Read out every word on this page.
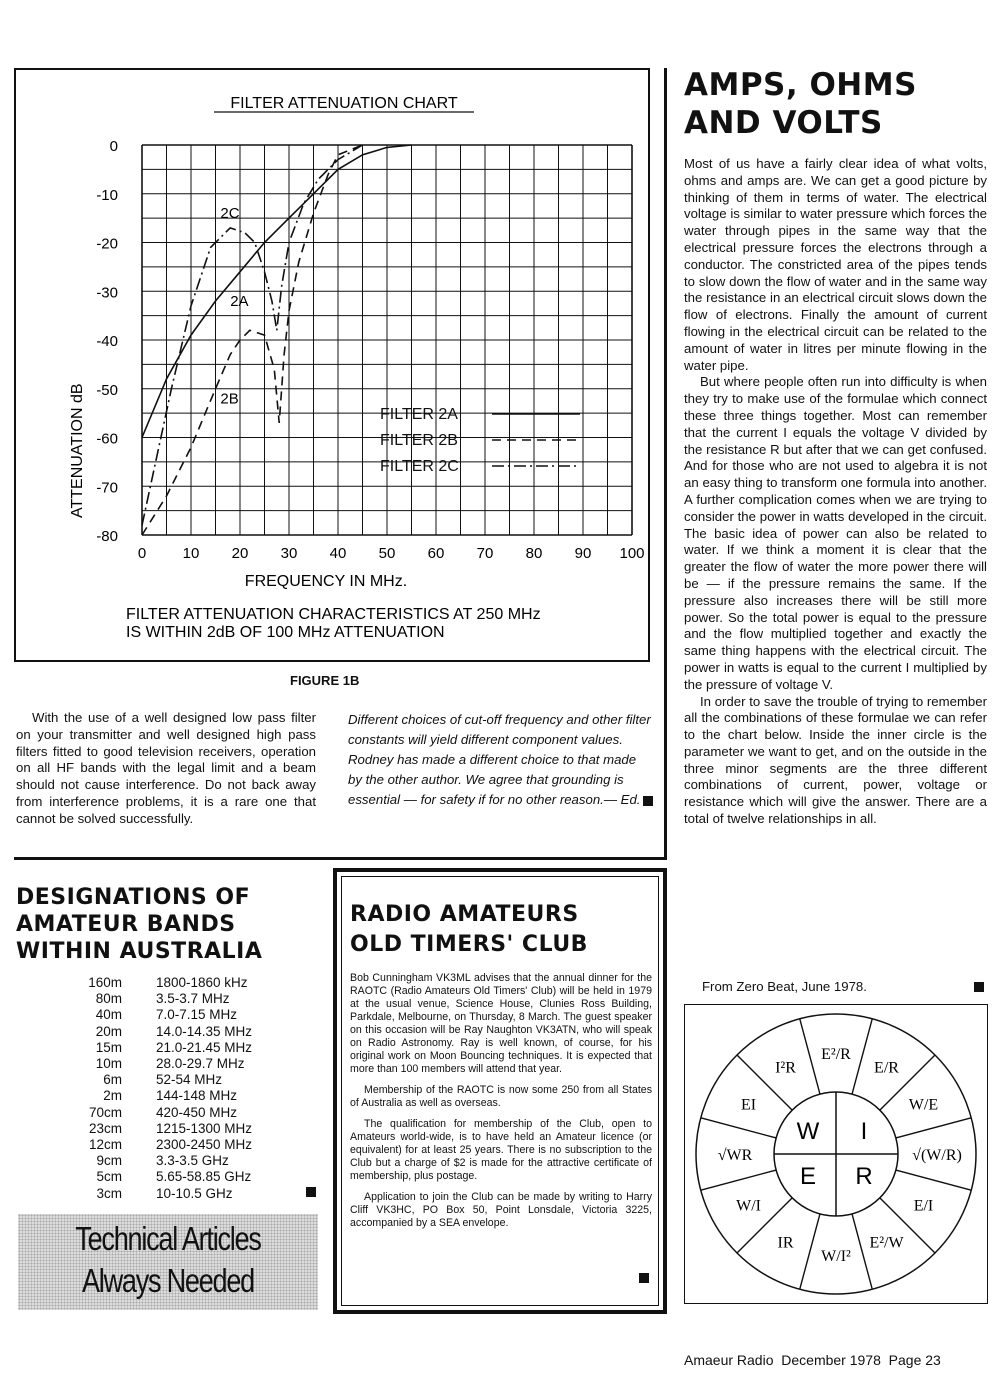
FILTER ATTENUATION CHART
0
-10
-20
-30
-40
-50
-60
-70
-80
0 10 20 30 40 50 60 70 80 90 100
ATTENUATION dB
FREQUENCY IN MHz.
FILTER ATTENUATION CHARACTERISTICS AT 250 MHz
IS WITHIN 2dB OF 100 MHz ATTENUATION
FILTER 2A
FILTER 2B
FILTER 2C
2A
2B
2C
FIGURE 1B

With the use of a well designed low pass filter on your transmitter and well designed high pass filters fitted to good television receivers, operation on all HF bands with the legal limit and a beam should not cause interference. Do not back away from interference problems, it is a rare one that cannot be solved successfully.

Different choices of cut-off frequency and other filter constants will yield different component values. Rodney has made a different choice to that made by the other author. We agree that grounding is essential — for safety if for no other reason.— Ed.
AMPS, OHMS
AND VOLTS

Most of us have a fairly clear idea of what volts, ohms and amps are. We can get a good picture by thinking of them in terms of water. The electrical voltage is similar to water pressure which forces the water through pipes in the same way that the electrical pressure forces the electrons through a conductor. The constricted area of the pipes tends to slow down the flow of water and in the same way the resistance in an electrical circuit slows down the flow of electrons. Finally the amount of current flowing in the electrical circuit can be related to the amount of water in litres per minute flowing in the water pipe.

But where people often run into difficulty is when they try to make use of the formulae which connect these three things together. Most can remember that the current I equals the voltage V divided by the resistance R but after that we can get confused. And for those who are not used to algebra it is not an easy thing to transform one formula into another. A further complication comes when we are trying to consider the power in watts developed in the circuit. The basic idea of power can also be related to water. If we think a moment it is clear that the greater the flow of water the more power there will be — if the pressure remains the same. If the pressure also increases there will be still more power. So the total power is equal to the pressure and the flow multiplied together and exactly the same thing happens with the electrical circuit. The power in watts is equal to the current I multiplied by the pressure of voltage V.

In order to save the trouble of trying to remember all the combinations of these formulae we can refer to the chart below. Inside the inner circle is the parameter we want to get, and on the outside in the three minor segments are the three different combinations of current, power, voltage or resistance which will give the answer. There are a total of twelve relationships in all.

From Zero Beat, June 1978.
W I
R
E
E²/R
E/R
W/E
√(W/R)
E/I
E²/W
W/I²
IR
W/I
√WR
EI
I²R
DESIGNATIONS OF
AMATEUR BANDS
WITHIN AUSTRALIA
160m	1800-1860 kHz
80m	3.5-3.7 MHz
40m	7.0-7.15 MHz
20m	14.0-14.35 MHz
15m	21.0-21.45 MHz
10m	28.0-29.7 MHz
6m	52-54 MHz
2m	144-148 MHz
70cm	420-450 MHz
23cm	1215-1300 MHz
12cm	2300-2450 MHz
9cm	3.3-3.5 GHz
5cm	5.65-58.85 GHz
3cm	10-10.5 GHz
Technical Articles
Always Needed
RADIO AMATEURS
OLD TIMERS' CLUB

Bob Cunningham VK3ML advises that the annual dinner for the RAOTC (Radio Amateurs Old Timers' Club) will be held in 1979 at the usual venue, Science House, Clunies Ross Building, Parkdale, Melbourne, on Thursday, 8 March. The guest speaker on this occasion will be Ray Naughton VK3ATN, who will speak on Radio Astronomy. Ray is well known, of course, for his original work on Moon Bouncing techniques. It is expected that more than 100 members will attend that year.

Membership of the RAOTC is now some 250 from all States of Australia as well as overseas.

The qualification for membership of the Club, open to Amateurs world-wide, is to have held an Amateur licence (or equivalent) for at least 25 years. There is no subscription to the Club but a charge of $2 is made for the attractive certificate of membership, plus postage.

Application to join the Club can be made by writing to Harry Cliff VK3HC, PO Box 50, Point Lonsdale, Victoria 3225, accompanied by a SEA envelope.

Amaeur Radio  December 1978  Page 23
